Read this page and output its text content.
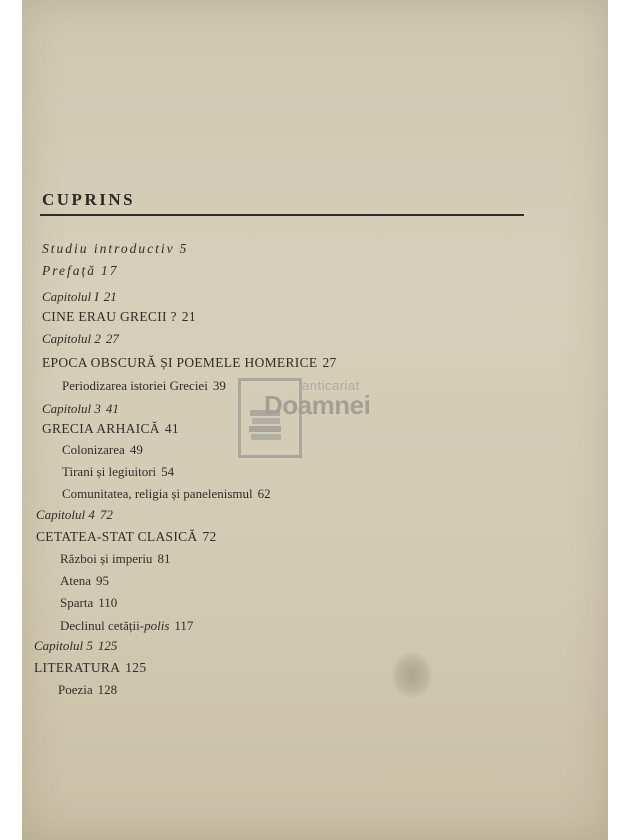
CUPRINS
Studiu introductiv 5
Prefață 17
Capitolul I 21
CINE ERAU GRECII ? 21
Capitolul 2 27
EPOCA OBSCURĂ ȘI POEMELE HOMERICE 27
Periodizarea istoriei Greciei 39
Capitolul 3 41
GRECIA ARHAICĂ 41
Colonizarea 49
Tirani și legiuitori 54
Comunitatea, religia și panelenismul 62
Capitolul 4 72
CETATEA-STAT CLASICĂ 72
Război și imperiu 81
Atena 95
Sparta 110
Declinul cetății-polis 117
Capitolul 5 125
LITERATURA 125
Poezia 128
anticariat
Doamnei
